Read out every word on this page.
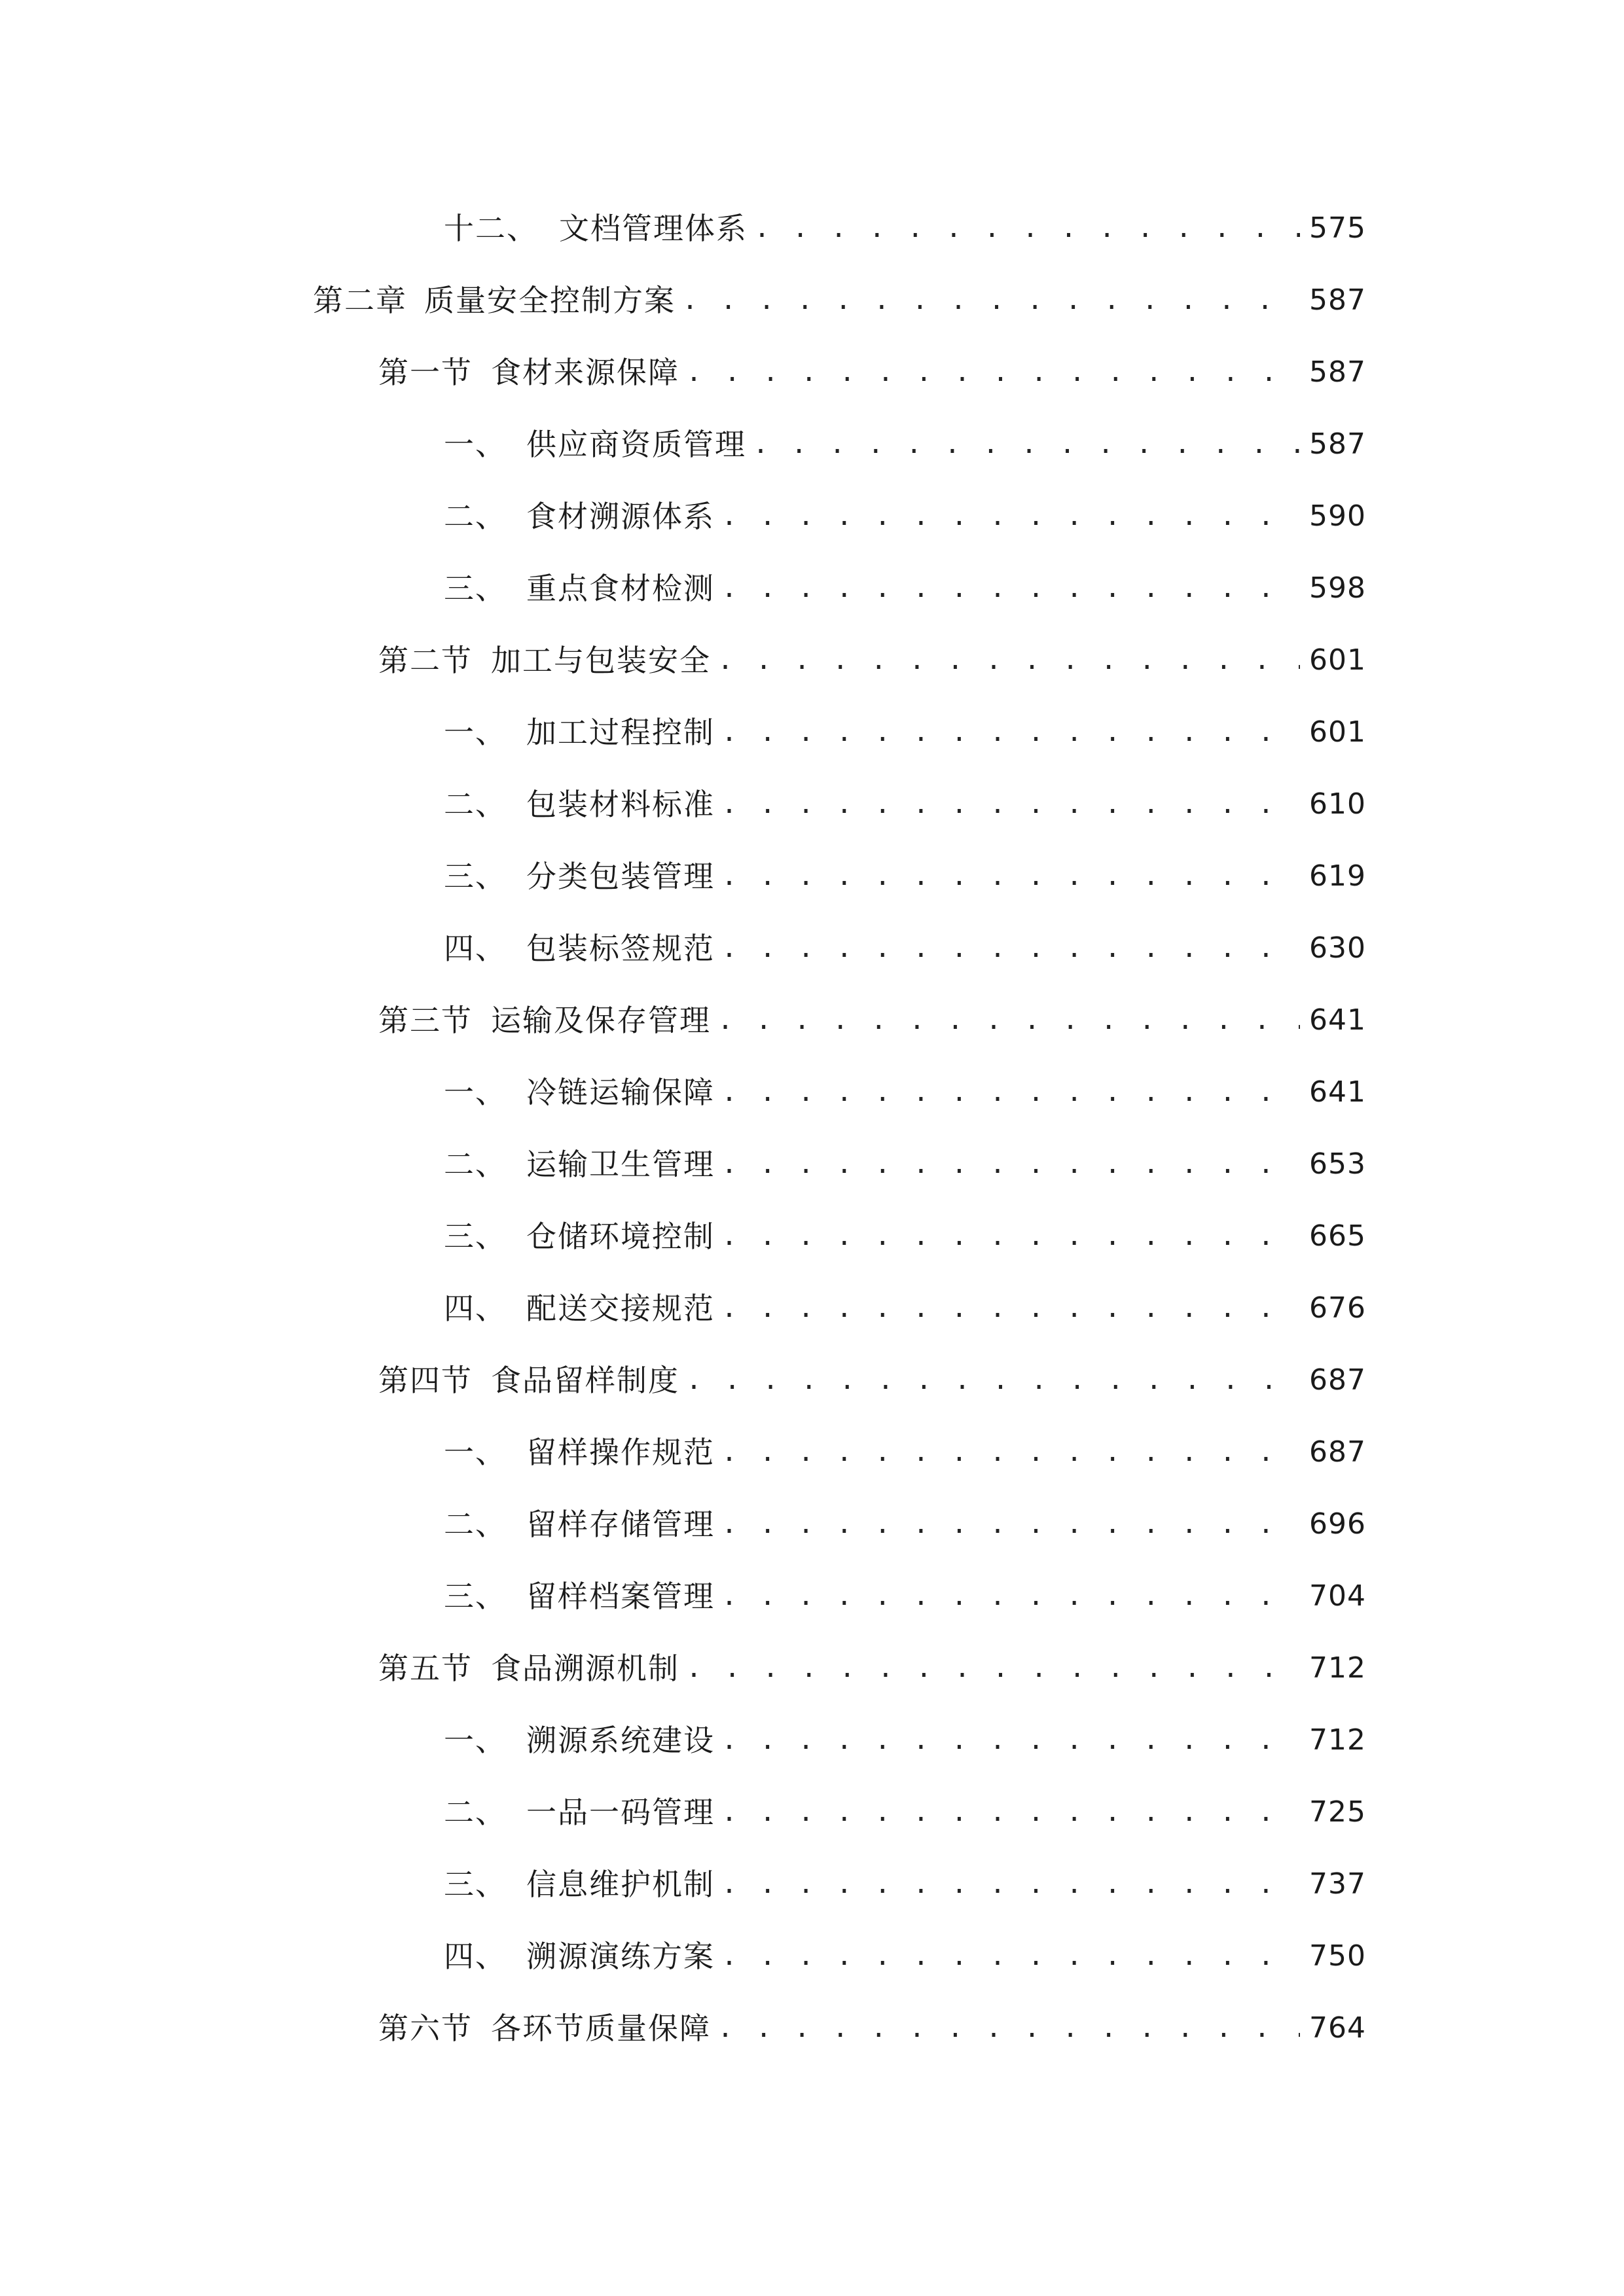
十二、 文档管理体系 . . .	575
第二章 质量安全控制方案 . . .	587
第一节 食材来源保障 . . .	587
一、 供应商资质管理 . . .	587
二、 食材溯源体系 . . .	590
三、 重点食材检测 . . .	598
第二节 加工与包装安全 . . .	601
一、 加工过程控制 . . .	601
二、 包装材料标准 . . .	610
三、 分类包装管理 . . .	619
四、 包装标签规范 . . .	630
第三节 运输及保存管理 . . .	641
一、 冷链运输保障 . . .	641
二、 运输卫生管理 . . .	653
三、 仓储环境控制 . . .	665
四、 配送交接规范 . . .	676
第四节 食品留样制度 . . .	687
一、 留样操作规范 . . .	687
二、 留样存储管理 . . .	696
三、 留样档案管理 . . .	704
第五节 食品溯源机制 . . .	712
一、 溯源系统建设 . . .	712
二、 一品一码管理 . . .	725
三、 信息维护机制 . . .	737
四、 溯源演练方案 . . .	750
第六节 各环节质量保障 . . .	764
